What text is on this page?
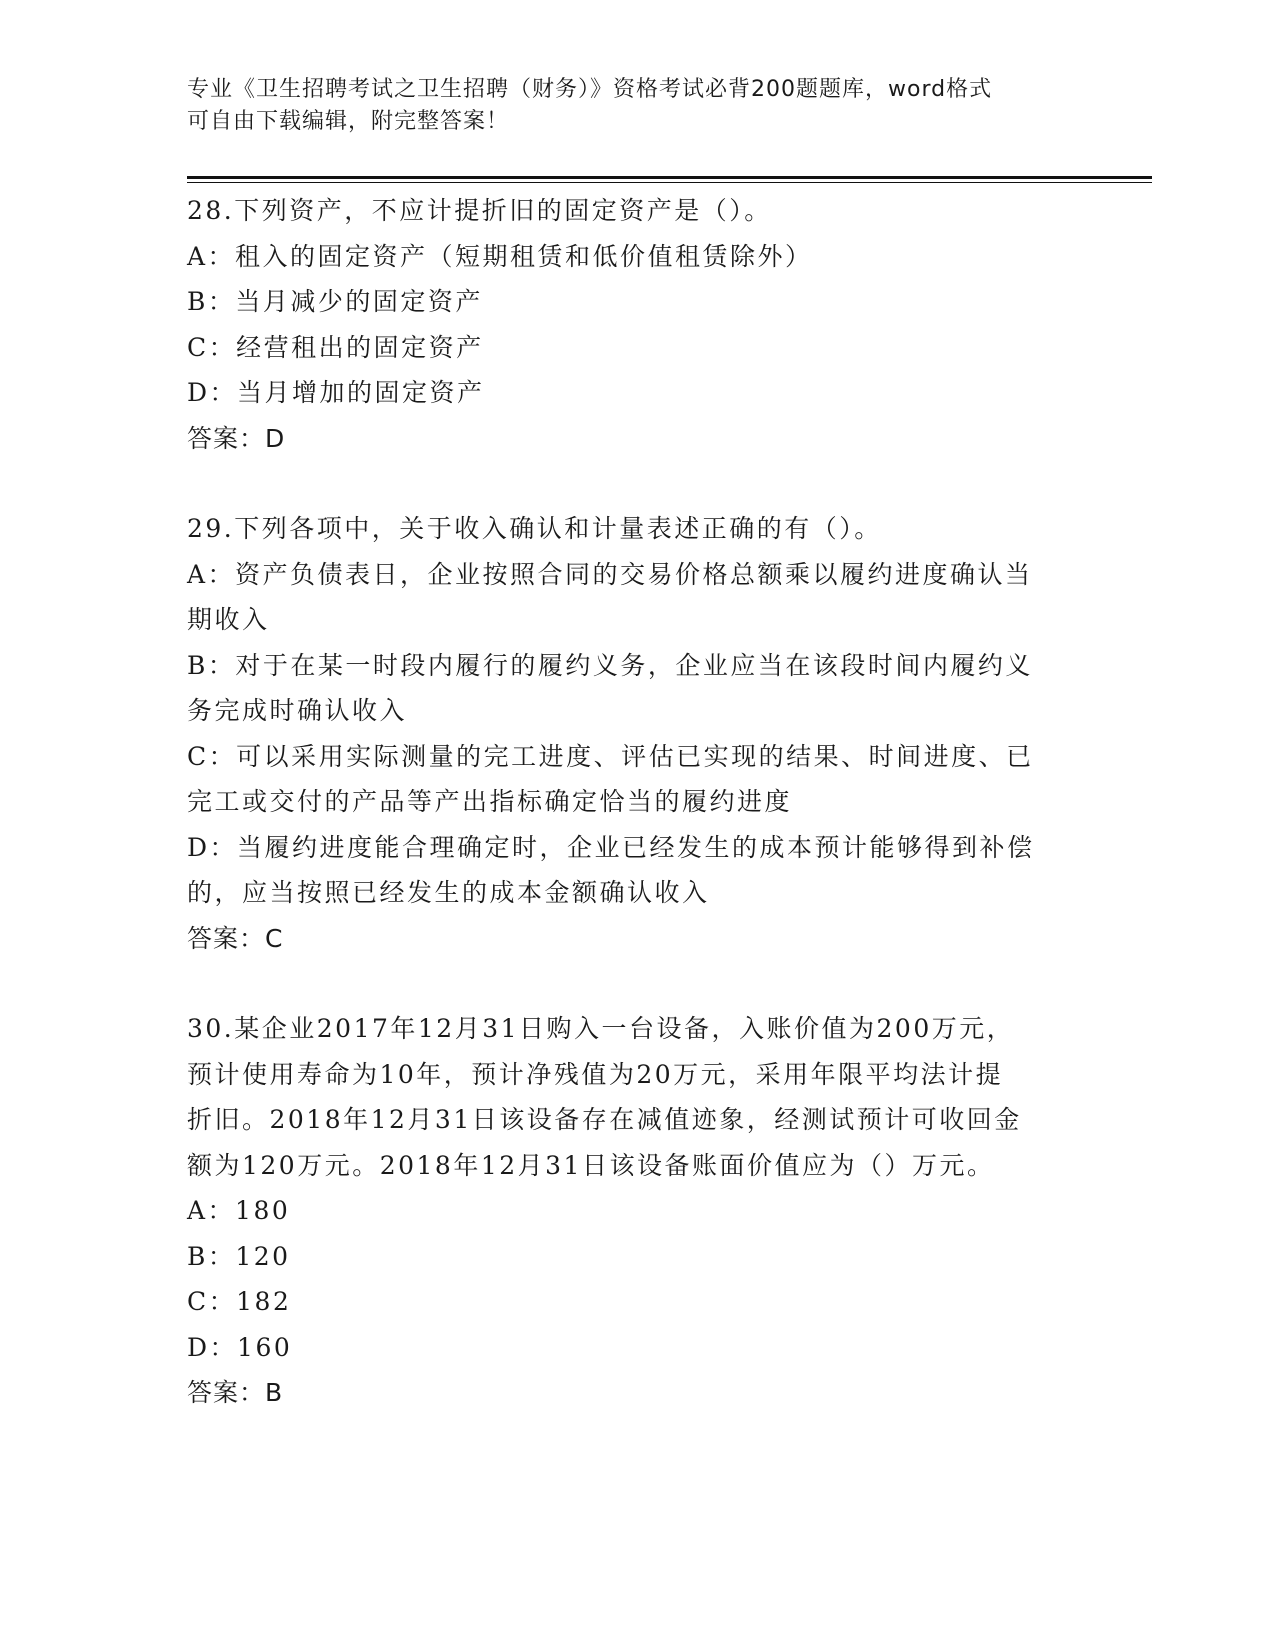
专业《卫生招聘考试之卫生招聘（财务）》资格考试必背200题题库，word格式
可自由下载编辑，附完整答案！
28.下列资产，不应计提折旧的固定资产是（）。
A：租入的固定资产（短期租赁和低价值租赁除外）
B：当月减少的固定资产
C：经营租出的固定资产
D：当月增加的固定资产
答案：D
29.下列各项中，关于收入确认和计量表述正确的有（）。
A：资产负债表日，企业按照合同的交易价格总额乘以履约进度确认当
期收入
B：对于在某一时段内履行的履约义务，企业应当在该段时间内履约义
务完成时确认收入
C：可以采用实际测量的完工进度、评估已实现的结果、时间进度、已
完工或交付的产品等产出指标确定恰当的履约进度
D：当履约进度能合理确定时，企业已经发生的成本预计能够得到补偿
的，应当按照已经发生的成本金额确认收入
答案：C
30.某企业2017年12月31日购入一台设备，入账价值为200万元，
预计使用寿命为10年，预计净残值为20万元，采用年限平均法计提
折旧。2018年12月31日该设备存在减值迹象，经测试预计可收回金
额为120万元。2018年12月31日该设备账面价值应为（）万元。
A：180
B：120
C：182
D：160
答案：B
